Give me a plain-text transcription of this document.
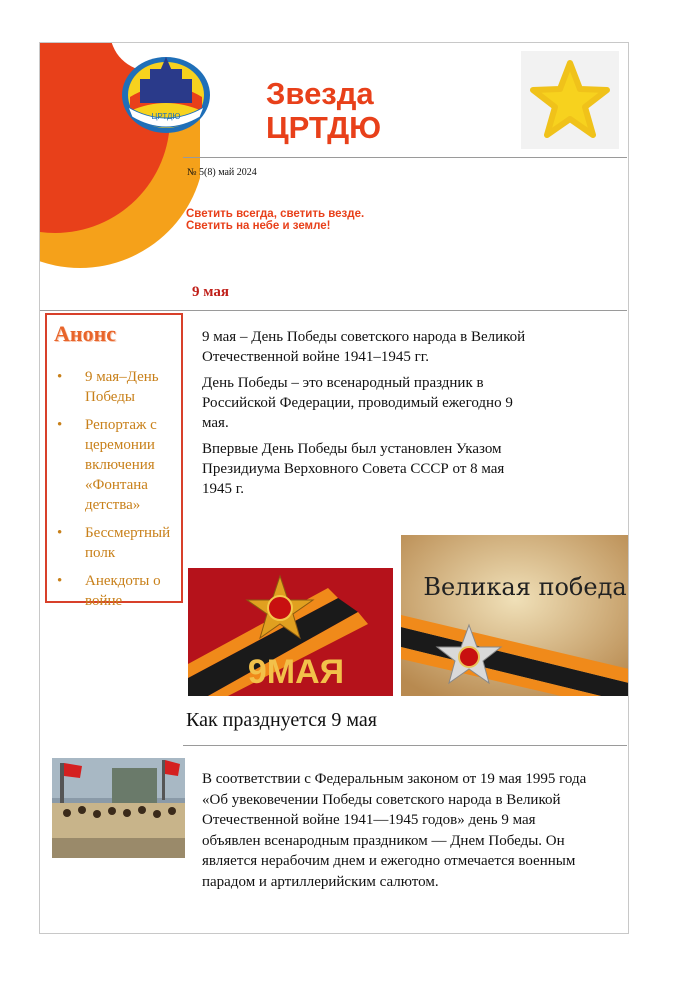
ЦРТДЮ
Звезда
ЦРТДЮ
№ 5(8) май 2024
Светить всегда, светить везде.
Светить на небе и земле!
9 мая
Анонс
• 9 мая–День Победы
• Репортаж с церемонии включения «Фонтана детства»
• Бессмертный полк
• Анекдоты о войне

9 мая – День Победы советского народа в Великой Отечественной войне 1941–1945 гг.

День Победы – это всенародный праздник в Российской Федерации, проводимый ежегодно 9 мая.

Впервые День Победы был установлен Указом Президиума Верховного Совета СССР от 8 мая 1945 г.

9МАЯ
Великая победа
Как празднуется 9 мая

В соответствии с Федеральным законом от 19 мая 1995 года «Об увековечении Победы советского народа в Великой Отечественной войне 1941—1945 годов» день 9 мая объявлен всенародным праздником — Днем Победы. Он является нерабочим днем и ежегодно отмечается военным парадом и артиллерийским салютом.
